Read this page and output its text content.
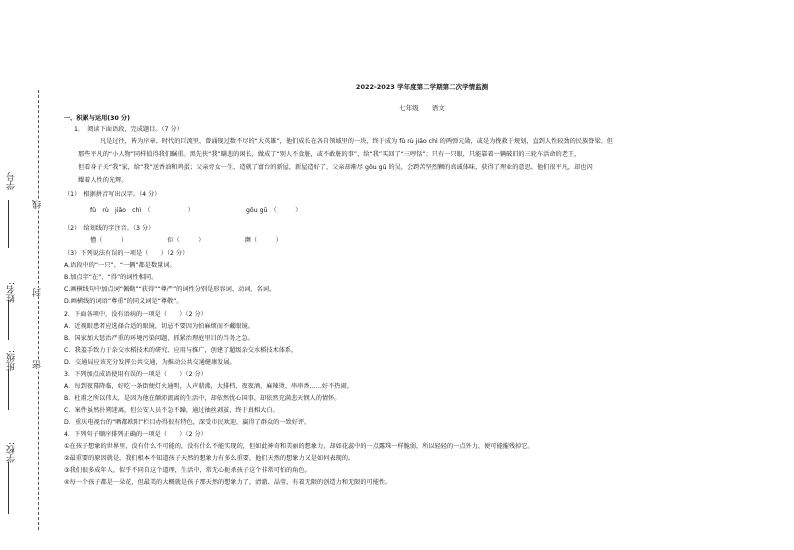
学号
线
姓名: 封
班级: 密
学校:
2022-2023 学年度第二学期第二次学情监测
七年级　　语文
一、积累与运用(30 分)
1．　阅读下面语段，完成题目。（7 分）
凡是过往，皆为序章。时代的巨流里，曾涌现过数不尽的“大英雄”，他们成长在各自领域里的一块，终于成为 fǔ rù jiǎo chì 的两弹元勋，或是为挽救于规划，直到人性较劲的民族脊梁。但
那些平凡的“小人物”同样值得我们瞩重。黑先侠“我”瞒悲的闲长，做成了“别人不食脏，或不敢脏的事”，给“我”买回了“三哼铦”；只有一只眼，只能靠着一辆破旧的三轮车活命的老王，
但看身子关“我”家，给“我”送香油和鸡蛋；父亲旁女一生，造就了富台的新屋，新屋造好了，父亲却渐尽 gōu gū 的吴，会跨苦坚烈颗的真诚体味，获得了理业的意思。他们很平凡，却也闪
耀着人性的光辉。
（1）　根据拼音写出汉字。（4 分）
fǔ　rù　jiǎo　chì　（　　　　　　）	gōu gū　（　　　）
（2）　给划线的字注音。（3 分）
憎（　　　）　　　　　　　佢（　　　）　　　　　　　濒（　　　）
（3）下列说法有误的一项是（　　）（2 分）
A.语段中的“一只”、“一辆”都是数量词。
B.加点字“在”、“得”的词性相同。
C.画横线句中加点词“佩勤”“获得”“尊严”的词性分别是形容词、动词、名词。
D.画横线的词语“尊重”的同义词是“尊敬”。
2．下面各项中，没有语病的一项是（　　）（2 分）
A．近视眼患者应选择合适的眼镜，切忌不要因为怕麻烦而不戴眼镜。
B．国家加大惩治严重的环境污染问题，抓紧治理庭里目的当务之急。
C．我羞手致力于杂交水稻技术的研究、应用与推广，创建了超级杂交水稻技术体系。
D．交通局应该充分发挥公共交通，为推动公共交通健康发展。
3．下列加点成语使用有误的一项是（　　）（2 分）
A．每到夜幕降临，好吃一条街便灯火通明，人声鼎沸，大排档、夜夜酒、麻辣烫、串串香……好不热闹。
B．杜甫之所以伟大，是因为他在颠沛流离的生活中，却依然忧心国事，却依然充满悲天悯人的情怀。
C．案件虽然扑朔迷离，但公安人员不急不躁，通过抽丝剥茧，终于真相大白。
D．重庆电视台的“晒都欧阳”栏目办得很有特色，深受市民欢迎，赢得了群众的一致好评。
4．下列句子顺序排列正确的一项是（　　）（2 分）
①在孩子想象的世界里，没有什么不可能的，没有什么不能实现的，但如此神奇和美丽的想象力，却如花蕊中的一点露珠一样脆弱，所以轻轻的一点外力，便可能摧残掉它。
②最重要的原因就是，我们根本不知道孩子天然的想象力有多么重要，他们天然的想象力又是如何表现的。
③我们很多成年人，似乎不同自这个道理，生活中，常无心扼杀孩子这个非常可怕的角色。
④每一个孩子都是一朵花，但最美的大概就是孩子那天然的想象力了，清澈、晶莹，有着无限的创造力和无限的可能性。
